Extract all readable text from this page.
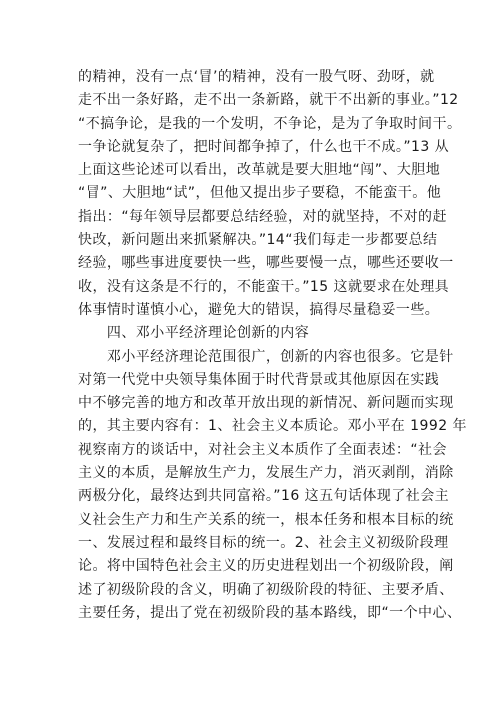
的精神，没有一点‘冒’的精神，没有一股气呀、劲呀，就
走不出一条好路，走不出一条新路，就干不出新的事业。”12
“不搞争论，是我的一个发明，不争论，是为了争取时间干。
一争论就复杂了，把时间都争掉了，什么也干不成。”13 从
上面这些论述可以看出，改革就是要大胆地“闯”、大胆地
“冒”、大胆地“试”，但他又提出步子要稳，不能蛮干。他
指出：“每年领导层都要总结经验，对的就坚持，不对的赶
快改，新问题出来抓紧解决。”14“我们每走一步都要总结
经验，哪些事进度要快一些，哪些要慢一点，哪些还要收一
收，没有这条是不行的，不能蛮干。”15 这就要求在处理具
体事情时谨慎小心，避免大的错误，搞得尽量稳妥一些。
　　四、邓小平经济理论创新的内容
　　邓小平经济理论范围很广，创新的内容也很多。它是针
对第一代党中央领导集体囿于时代背景或其他原因在实践
中不够完善的地方和改革开放出现的新情况、新问题而实现
的，其主要内容有：1、社会主义本质论。邓小平在 1992 年
视察南方的谈话中，对社会主义本质作了全面表述：“社会
主义的本质，是解放生产力，发展生产力，消灭剥削，消除
两极分化，最终达到共同富裕。”16 这五句话体现了社会主
义社会生产力和生产关系的统一，根本任务和根本目标的统
一、发展过程和最终目标的统一。2、社会主义初级阶段理
论。将中国特色社会主义的历史进程划出一个初级阶段，阐
述了初级阶段的含义，明确了初级阶段的特征、主要矛盾、
主要任务，提出了党在初级阶段的基本路线，即“一个中心、
